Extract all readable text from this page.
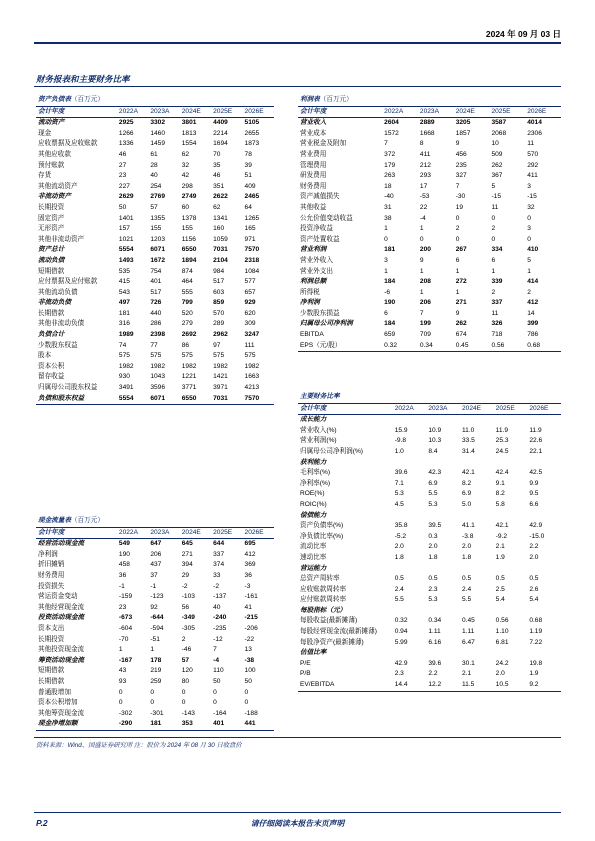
2024 年 09 月 03 日
财务报表和主要财务比率
资产负债表（百万元）					
会计年度	2022A	2023A	2024E	2025E	2026E
流动资产	2925	3302	3801	4409	5105
现金	1266	1460	1813	2214	2655
应收票据及应收账款	1336	1459	1554	1694	1873
其他应收款	46	61	62	70	78
预付账款	27	28	32	35	39
存货	23	40	42	46	51
其他流动资产	227	254	298	351	409
非流动资产	2629	2769	2749	2622	2465
长期投资	50	57	60	62	64
固定资产	1401	1355	1378	1341	1265
无形资产	157	155	155	160	165
其他非流动资产	1021	1203	1156	1059	971
资产总计	5554	6071	6550	7031	7570
流动负债	1493	1672	1894	2104	2318
短期借款	535	754	874	984	1084
应付票据及应付账款	415	401	464	517	577
其他流动负债	543	517	555	603	657
非流动负债	497	726	799	859	929
长期借款	181	440	520	570	620
其他非流动负债	316	286	279	289	309
负债合计	1989	2398	2692	2962	3247
少数股东权益	74	77	86	97	111
股本	575	575	575	575	575
资本公积	1982	1982	1982	1982	1982
留存收益	930	1043	1221	1421	1663
归属母公司股东权益	3491	3596	3771	3971	4213
负债和股东权益	5554	6071	6550	7031	7570
利润表（百万元）					
会计年度	2022A	2023A	2024E	2025E	2026E
营业收入	2604	2889	3205	3587	4014
营业成本	1572	1668	1857	2068	2306
营业税金及附加	7	8	9	10	11
营业费用	372	411	456	509	570
管理费用	179	212	235	262	292
研发费用	263	293	327	367	411
财务费用	18	17	7	5	3
资产减值损失	-40	-53	-30	-15	-15
其他收益	31	22	19	11	32
公允价值变动收益	38	-4	0	0	0
投资净收益	1	1	2	2	3
资产处置收益	0	0	0	0	0
营业利润	181	200	267	334	410
营业外收入	3	9	6	6	5
营业外支出	1	1	1	1	1
利润总额	184	208	272	339	414
所得税	-6	1	1	2	2
净利润	190	206	271	337	412
少数股东损益	6	7	9	11	14
归属母公司净利润	184	199	262	326	399
EBITDA	659	709	674	718	786
EPS（元/股）	0.32	0.34	0.45	0.56	0.68
主要财务比率					
会计年度	2022A	2023A	2024E	2025E	2026E
成长能力					
营业收入(%)	15.9	10.9	11.0	11.9	11.9
营业利润(%)	-9.8	10.3	33.5	25.3	22.6
归属母公司净利润(%)	1.0	8.4	31.4	24.5	22.1
获利能力					
毛利率(%)	39.6	42.3	42.1	42.4	42.5
净利率(%)	7.1	6.9	8.2	9.1	9.9
ROE(%)	5.3	5.5	6.9	8.2	9.5
ROIC(%)	4.5	5.3	5.0	5.8	6.6
偿债能力					
资产负债率(%)	35.8	39.5	41.1	42.1	42.9
净负债比率(%)	-5.2	0.3	-3.8	-9.2	-15.0
流动比率	2.0	2.0	2.0	2.1	2.2
速动比率	1.8	1.8	1.8	1.9	2.0
营运能力					
总资产周转率	0.5	0.5	0.5	0.5	0.5
应收账款周转率	2.4	2.3	2.4	2.5	2.6
应付账款周转率	5.5	5.3	5.5	5.4	5.4
每股指标（元）					
每股收益(最新摊薄)	0.32	0.34	0.45	0.56	0.68
每股经营现金流(最新摊薄)	0.94	1.11	1.11	1.10	1.19
每股净资产(最新摊薄)	5.99	6.16	6.47	6.81	7.22
估值比率					
P/E	42.9	39.6	30.1	24.2	19.8
P/B	2.3	2.2	2.1	2.0	1.9
EV/EBITDA	14.4	12.2	11.5	10.5	9.2
现金流量表（百万元）					
会计年度	2022A	2023A	2024E	2025E	2026E
经营活动现金流	549	647	645	644	695
净利润	190	206	271	337	412
折旧摊销	458	437	394	374	369
财务费用	36	37	29	33	36
投资损失	-1	-1	-2	-2	-3
营运资金变动	-159	-123	-103	-137	-161
其他经营现金流	23	92	56	40	41
投资活动现金流	-673	-644	-349	-240	-215
资本支出	-604	-594	-305	-235	-206
长期投资	-70	-51	2	-12	-22
其他投资现金流	1	1	-46	7	13
筹资活动现金流	-167	178	57	-4	-38
短期借款	43	219	120	110	100
长期借款	93	259	80	50	50
普通股增加	0	0	0	0	0
资本公积增加	0	0	0	0	0
其他筹资现金流	-302	-301	-143	-164	-188
现金净增加额	-290	181	353	401	441
资料来源：Wind、国盛证券研究所 注：股价为 2024 年 08 月 30 日收盘价
P.2	请仔细阅读本报告末页声明
